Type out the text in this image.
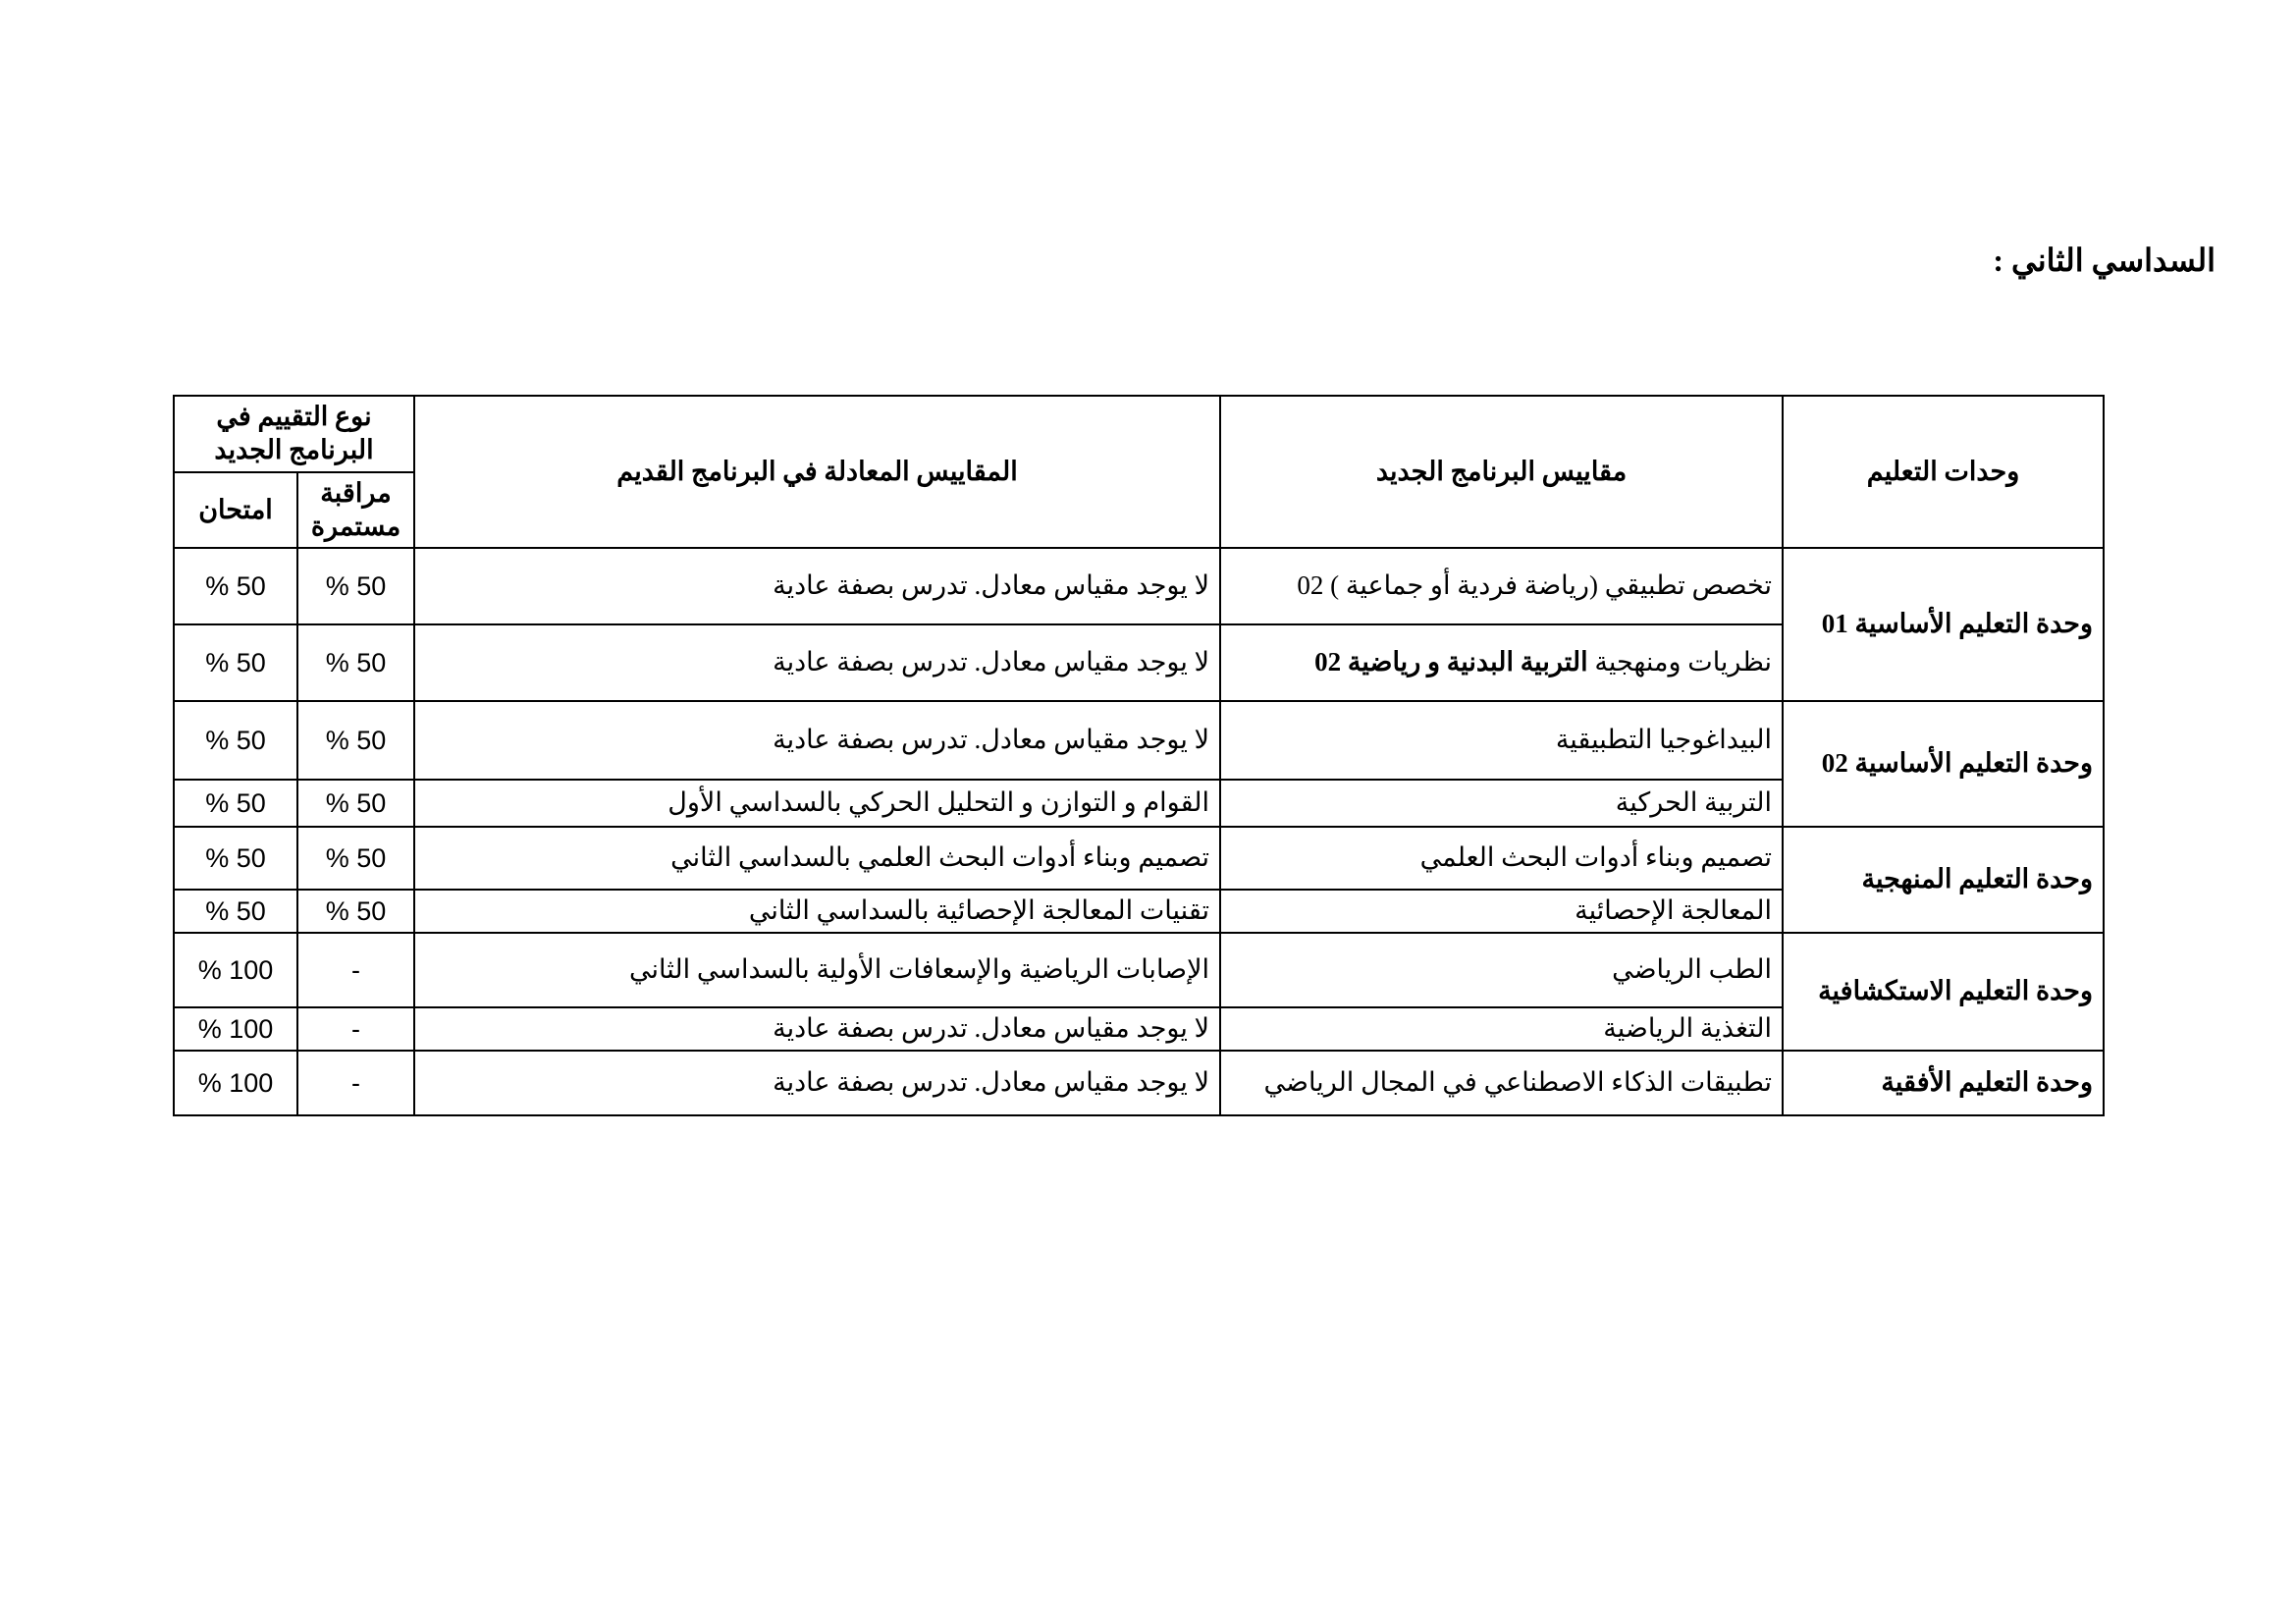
السداسي الثاني :
وحدات التعليم	مقاييس البرنامج الجديد	المقاييس المعادلة في البرنامج القديم	نوع التقييم في البرنامج الجديد	
			مراقبة مستمرة	امتحان
وحدة التعليم الأساسية 01	تخصص تطبيقي (رياضة فردية أو جماعية ) 02	لا يوجد مقياس معادل. تدرس بصفة عادية	% 50	% 50
	نظريات ومنهجية التربية البدنية و رياضية 02	لا يوجد مقياس معادل. تدرس بصفة عادية	% 50	% 50
وحدة التعليم الأساسية 02	البيداغوجيا التطبيقية	لا يوجد مقياس معادل. تدرس بصفة عادية	% 50	% 50
	التربية الحركية	القوام و التوازن و التحليل الحركي بالسداسي الأول	% 50	% 50
وحدة التعليم المنهجية	تصميم وبناء أدوات البحث العلمي	تصميم وبناء أدوات البحث العلمي بالسداسي الثاني	% 50	% 50
	المعالجة الإحصائية	تقنيات المعالجة الإحصائية بالسداسي الثاني	% 50	% 50
وحدة التعليم الاستكشافية	الطب الرياضي	الإصابات الرياضية والإسعافات الأولية بالسداسي الثاني	-	% 100
	التغذية الرياضية	لا يوجد مقياس معادل. تدرس بصفة عادية	-	% 100
وحدة التعليم الأفقية	تطبيقات الذكاء الاصطناعي في المجال الرياضي	لا يوجد مقياس معادل. تدرس بصفة عادية	-	% 100
